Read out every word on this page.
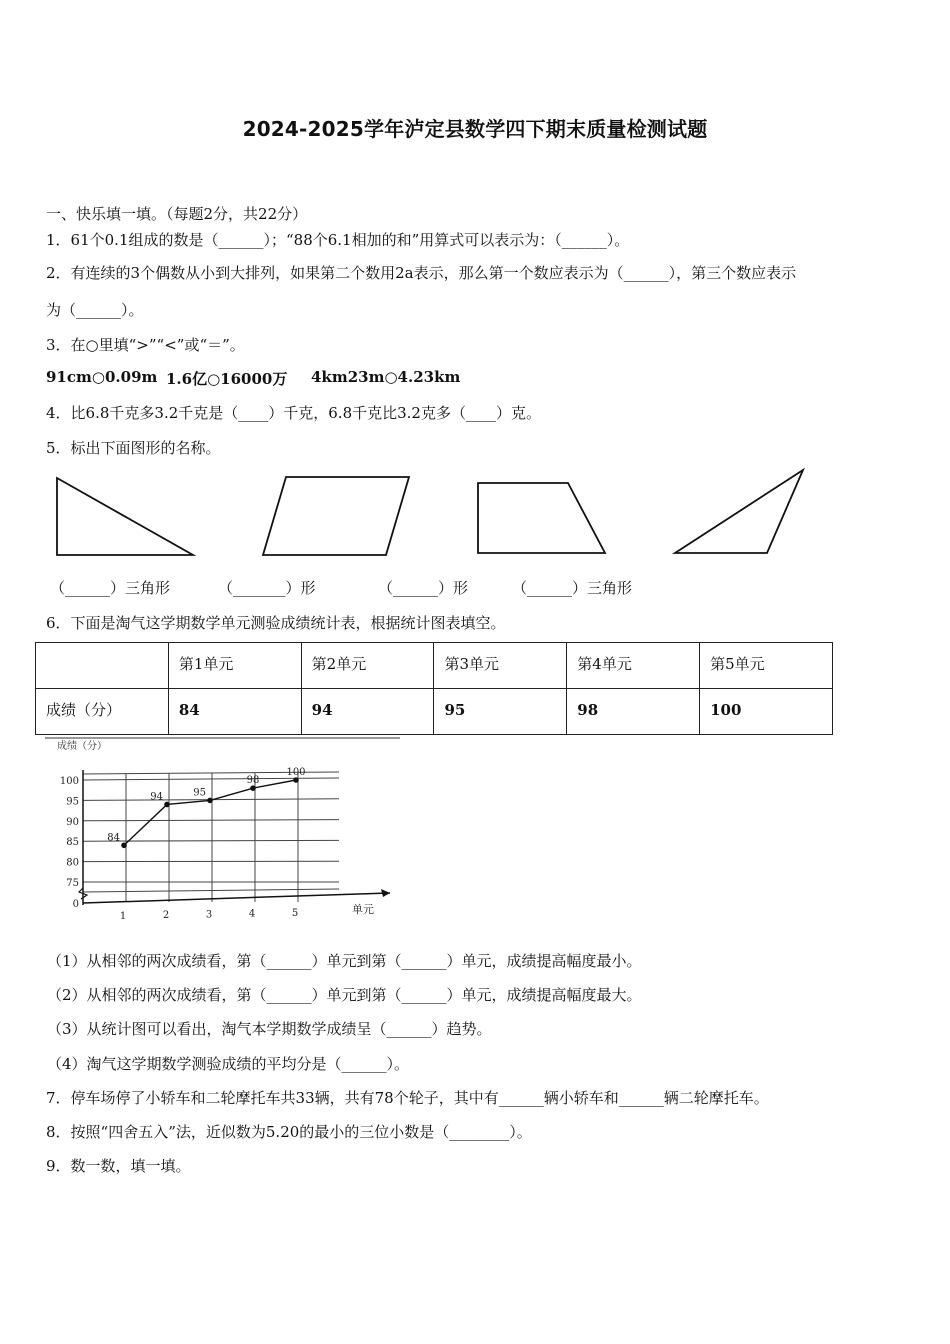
2024-2025学年泸定县数学四下期末质量检测试题
一、快乐填一填。（每题2分，共22分）
1．61个0.1组成的数是（______）；“88个6.1相加的和”用算式可以表示为：（______）。
2．有连续的3个偶数从小到大排列，如果第二个数用2a表示，那么第一个数应表示为（______），第三个数应表示
为（______）。
3．在○里填“>”“<”或“＝”。
91cm○0.09m 1.6亿○16000万 4km23m○4.23km
4．比6.8千克多3.2千克是（____）千克，6.8千克比3.2克多（____）克。
5．标出下面图形的名称。
（______）三角形	（_______）形	（______）形	（______）三角形
6．下面是淘气这学期数学单元测验成绩统计表，根据统计图表填空。
	第1单元	第2单元	第3单元	第4单元	第5单元
成绩（分）	84	94	95	98	100
成绩（分）
单元
0
75
80
85
90
95
100
1	2	3	4	5
84
94	95
98
100
（1）从相邻的两次成绩看，第（______）单元到第（______）单元，成绩提高幅度最小。
（2）从相邻的两次成绩看，第（______）单元到第（______）单元，成绩提高幅度最大。
（3）从统计图可以看出，淘气本学期数学成绩呈（______）趋势。
（4）淘气这学期数学测验成绩的平均分是（______）。
7．停车场停了小轿车和二轮摩托车共33辆，共有78个轮子，其中有______辆小轿车和______辆二轮摩托车。
8．按照“四舍五入”法，近似数为5.20的最小的三位小数是（________）。
9．数一数，填一填。
